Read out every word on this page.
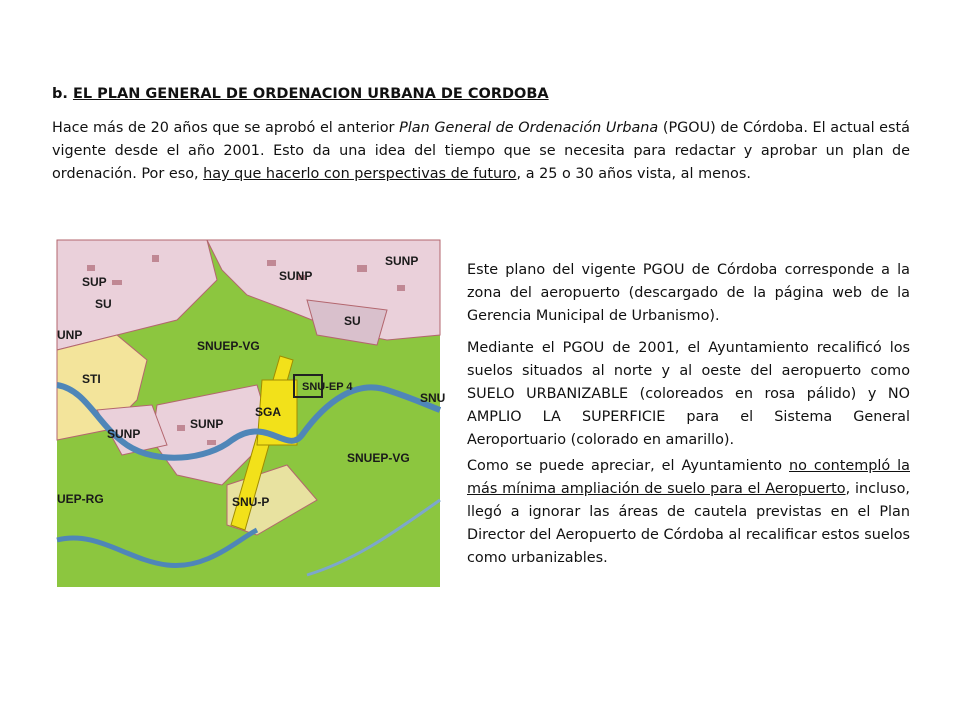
b. EL PLAN GENERAL DE ORDENACION URBANA DE CORDOBA

Hace más de 20 años que se aprobó el anterior Plan General de Ordenación Urbana (PGOU) de Córdoba. El actual está vigente desde el año 2001. Esto da una idea del tiempo que se necesita para redactar y aprobar un plan de ordenación. Por eso, hay que hacerlo con perspectivas de futuro, a 25 o 30 años vista, al menos.

SUP
SU
SUNP
SUNP
SU
UNP
SNUEP-VG
STI
SNU-EP 4
SGA
SNU
SUNP
SUNP
SNUEP-VG
UEP-RG	SNU-P

Este plano del vigente PGOU de Córdoba corresponde a la zona del aeropuerto (descargado de la página web de la Gerencia Municipal de Urbanismo).

Mediante el PGOU de 2001, el Ayuntamiento recalificó los suelos situados al norte y al oeste del aeropuerto como SUELO URBANIZABLE (coloreados en rosa pálido) y NO AMPLIO LA SUPERFICIE para el Sistema General Aeroportuario (colorado en amarillo).

Como se puede apreciar, el Ayuntamiento no contempló la más mínima ampliación de suelo para el Aeropuerto, incluso, llegó a ignorar las áreas de cautela previstas en el Plan Director del Aeropuerto de Córdoba al recalificar estos suelos como urbanizables.
